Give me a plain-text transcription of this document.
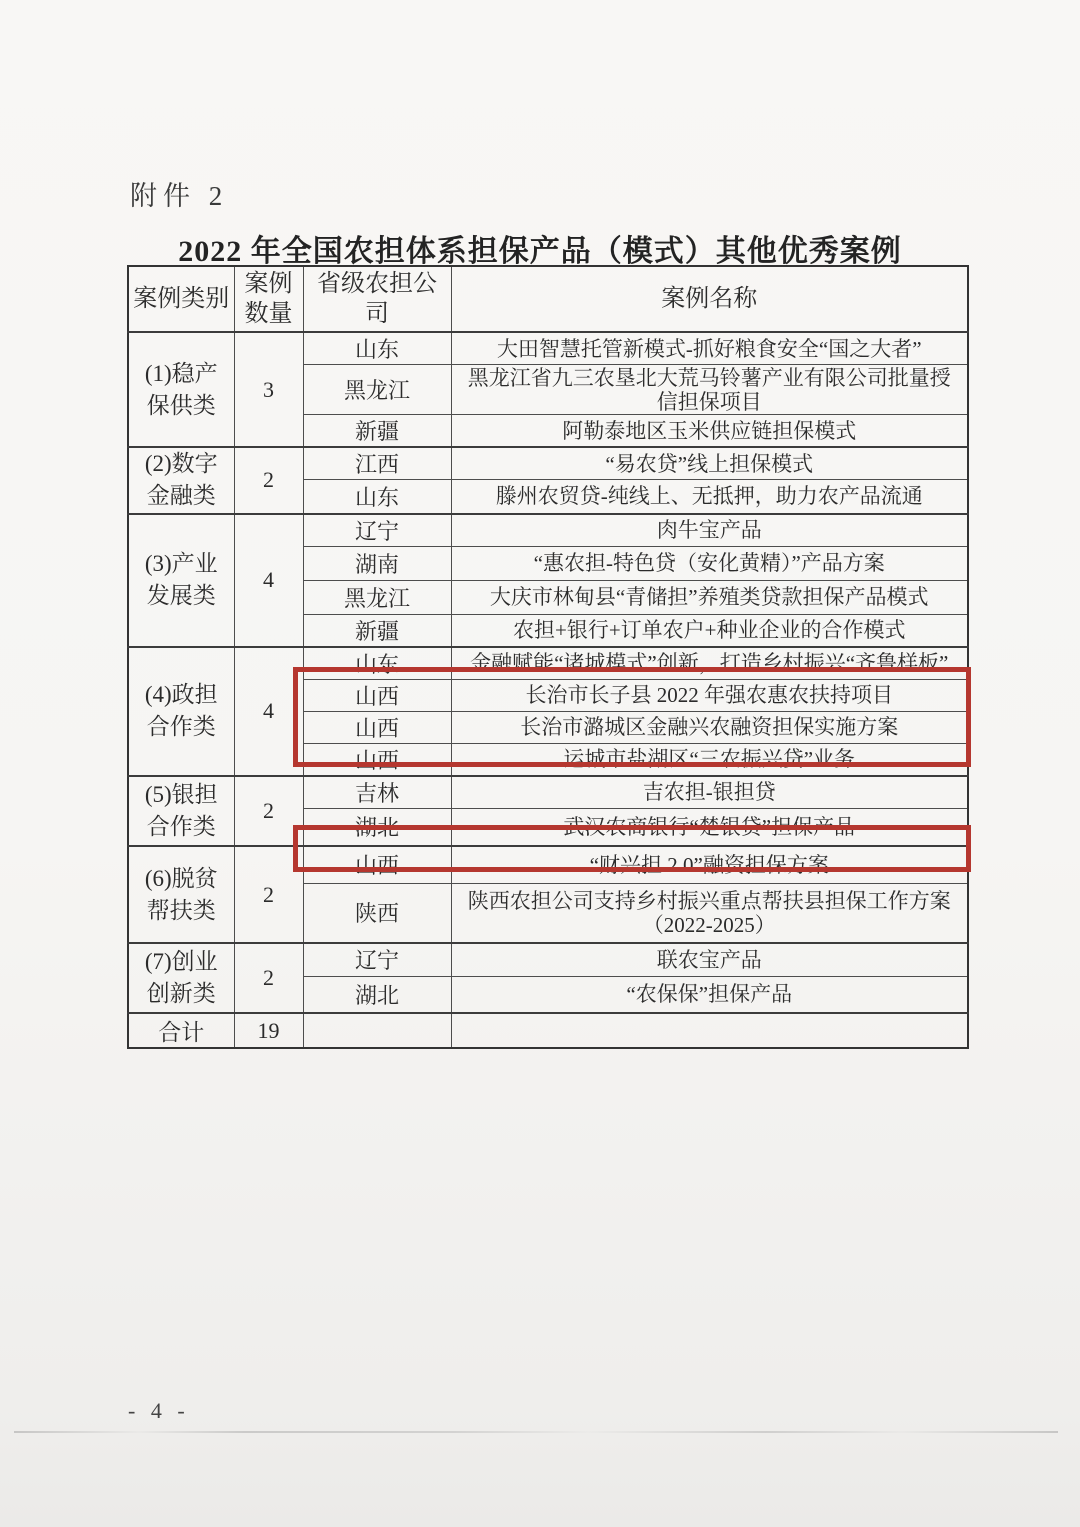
附件 2
2022 年全国农担体系担保产品（模式）其他优秀案例
案例类别	案例数量	省级农担公司	案例名称
(1)稳产保供类	3	山东	大田智慧托管新模式-抓好粮食安全“国之大者”
		黑龙江	黑龙江省九三农垦北大荒马铃薯产业有限公司批量授信担保项目
		新疆	阿勒泰地区玉米供应链担保模式
(2)数字金融类	2	江西	“易农贷”线上担保模式
		山东	滕州农贸贷-纯线上、无抵押，助力农产品流通
(3)产业发展类	4	辽宁	肉牛宝产品
		湖南	“惠农担-特色贷（安化黄精）”产品方案
		黑龙江	大庆市林甸县“青储担”养殖类贷款担保产品模式
		新疆	农担+银行+订单农户+种业企业的合作模式
(4)政担合作类	4	山东	金融赋能“诸城模式”创新，打造乡村振兴“齐鲁样板”
		山西	长治市长子县 2022 年强农惠农扶持项目
		山西	长治市潞城区金融兴农融资担保实施方案
		山西	运城市盐湖区“三农振兴贷”业务
(5)银担合作类	2	吉林	吉农担-银担贷
		湖北	武汉农商银行“楚银贷”担保产品
(6)脱贫帮扶类	2	山西	“财兴担 2.0”融资担保方案
		陕西	陕西农担公司支持乡村振兴重点帮扶县担保工作方案（2022-2025）
(7)创业创新类	2	辽宁	联农宝产品
		湖北	“农保保”担保产品
合计	19		
- 4 -
